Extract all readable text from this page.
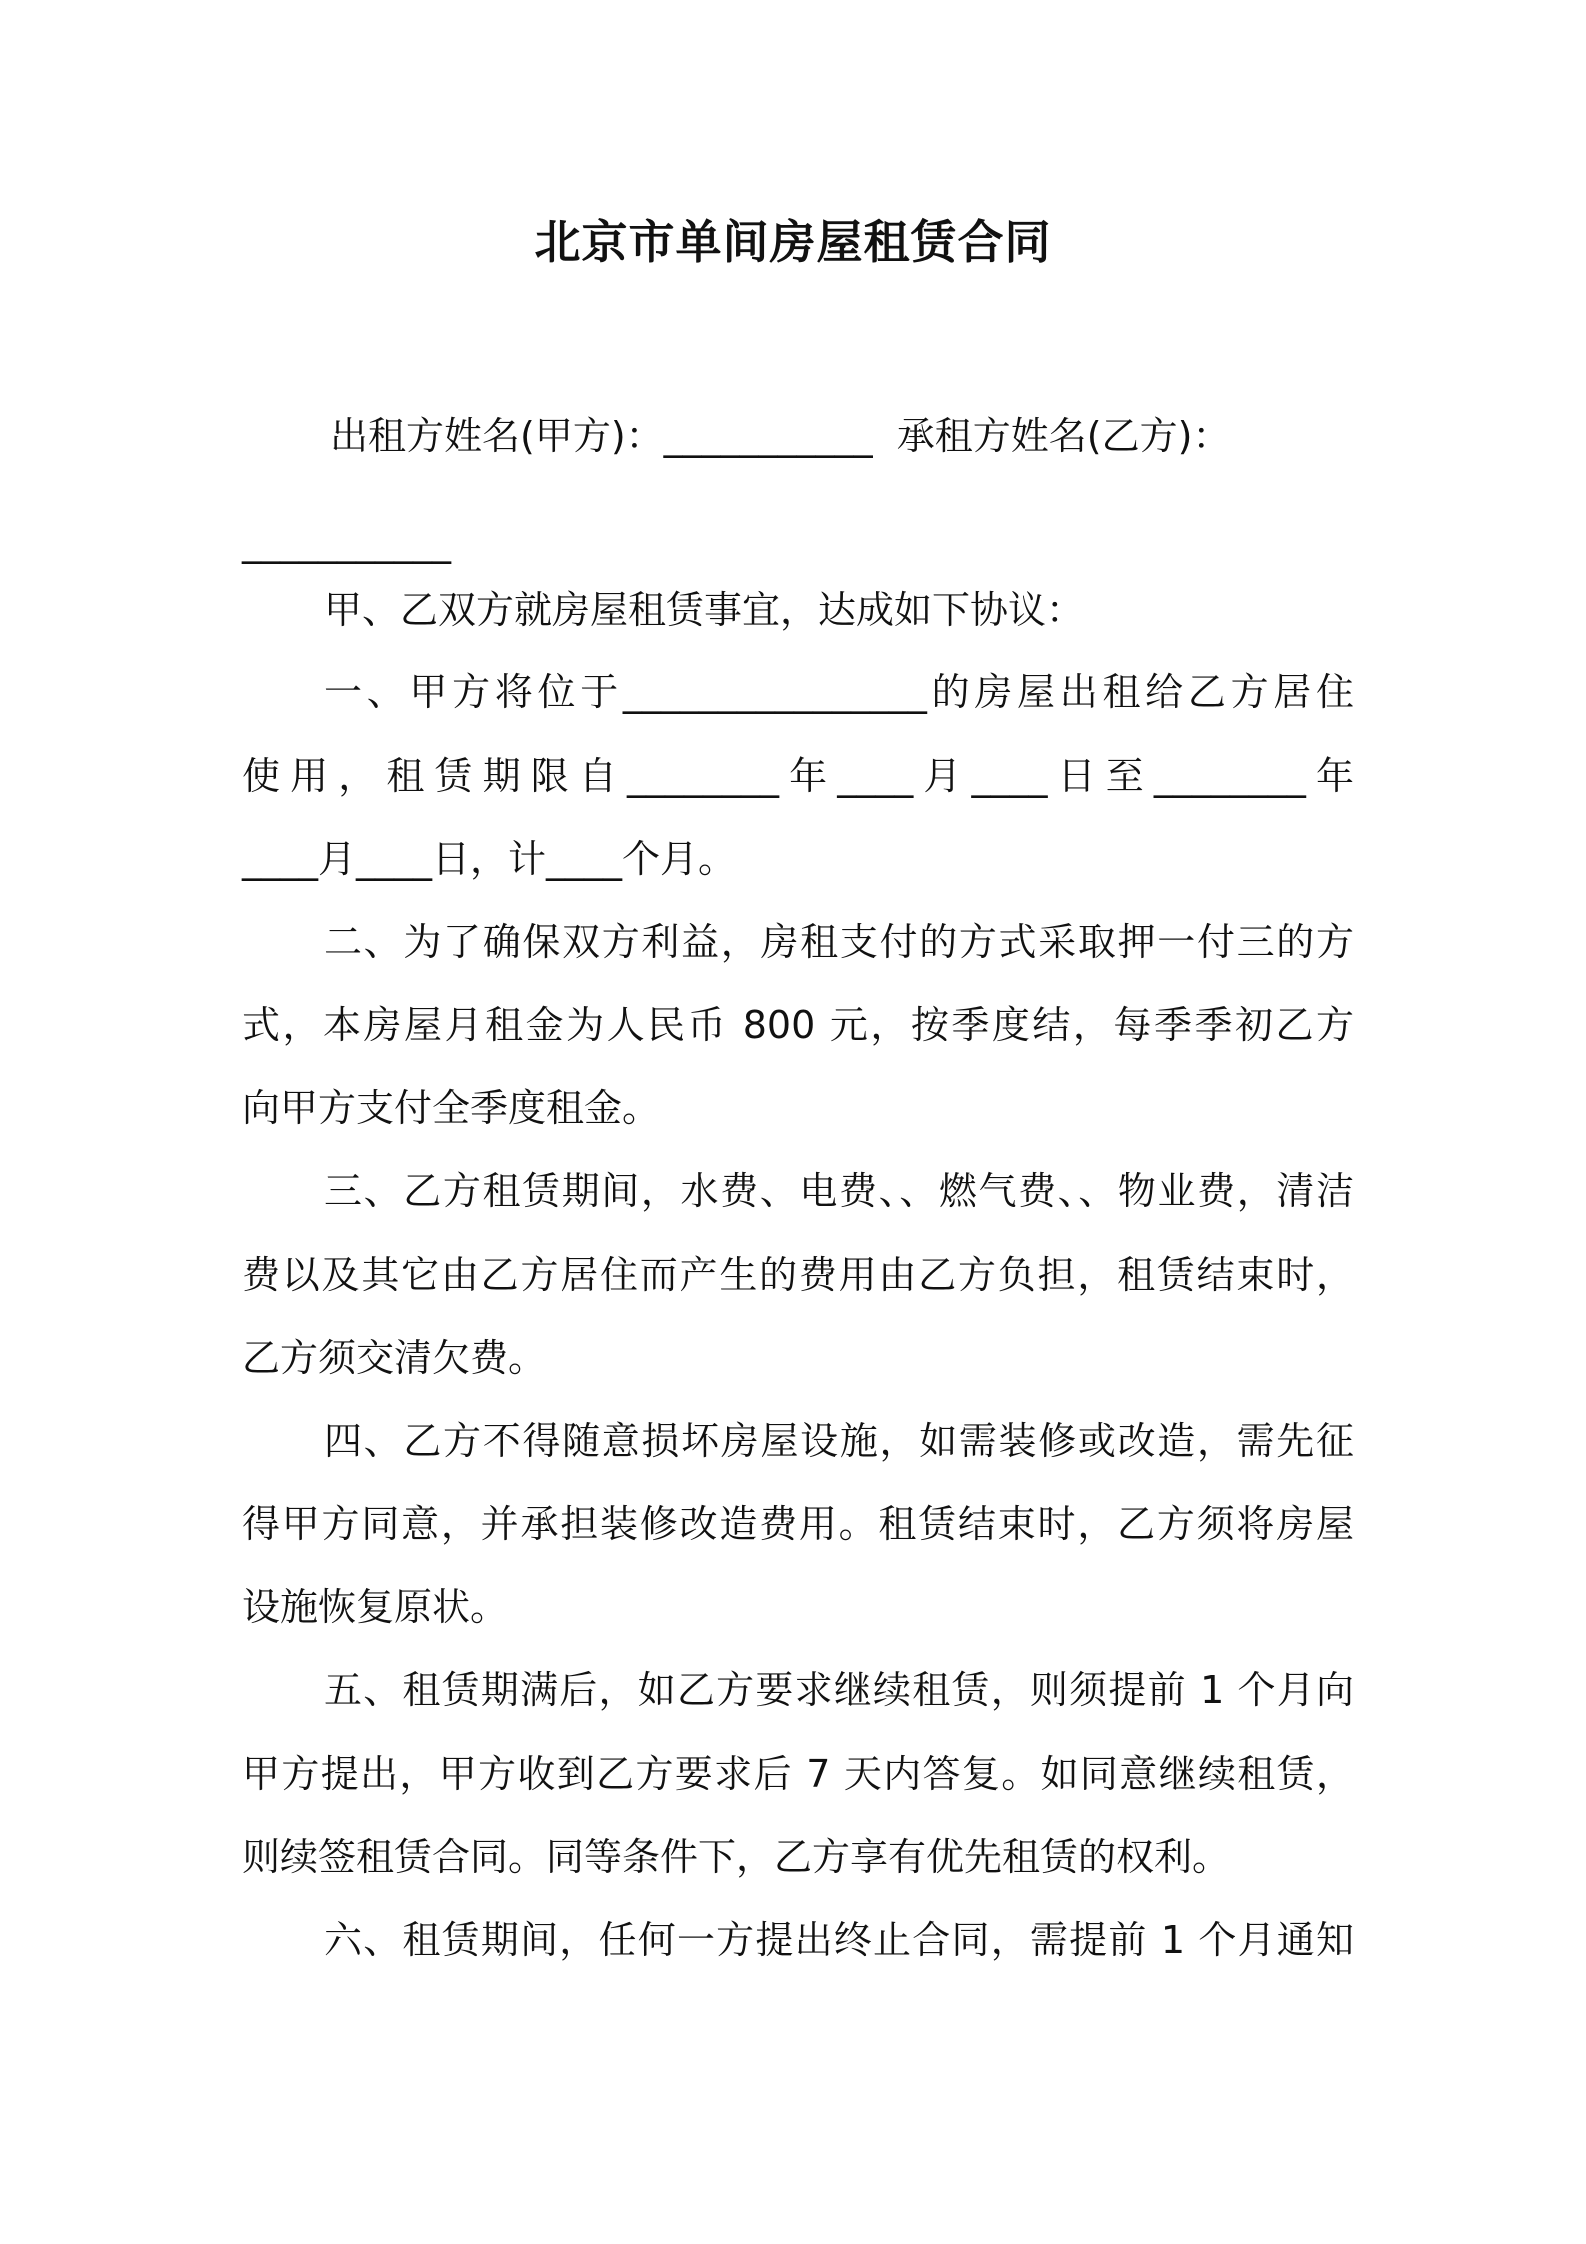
北京市单间房屋租赁合同

出租方姓名(甲方)：___________  承租方姓名(乙方)：

___________

甲、乙双方就房屋租赁事宜，达成如下协议：

一、甲方将位于________________的房屋出租给乙方居住

使用，租赁期限自________年____月____日至________年

____月____日，计____个月。

二、为了确保双方利益，房租支付的方式采取押一付三的方

式，本房屋月租金为人民币 800 元，按季度结，每季季初乙方

向甲方支付全季度租金。

三、乙方租赁期间，水费、电费、、燃气费、、物业费，清洁

费以及其它由乙方居住而产生的费用由乙方负担，租赁结束时，

乙方须交清欠费。

四、乙方不得随意损坏房屋设施，如需装修或改造，需先征

得甲方同意，并承担装修改造费用。租赁结束时，乙方须将房屋

设施恢复原状。

五、租赁期满后，如乙方要求继续租赁，则须提前 1 个月向

甲方提出，甲方收到乙方要求后 7 天内答复。如同意继续租赁，

则续签租赁合同。同等条件下，乙方享有优先租赁的权利。

六、租赁期间，任何一方提出终止合同，需提前 1 个月通知
